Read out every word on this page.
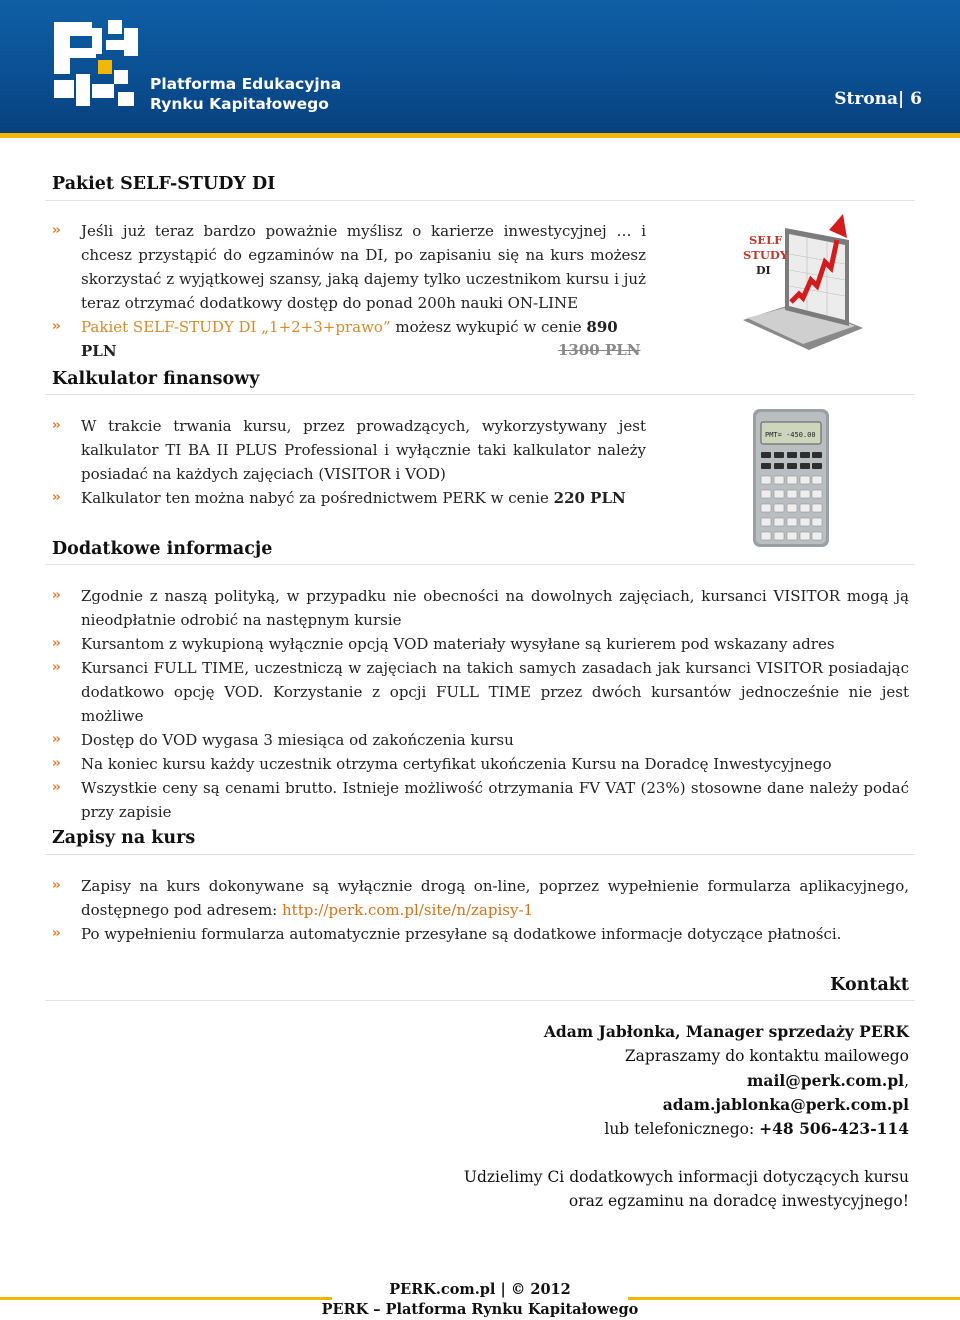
Platforma Edukacyjna
Rynku Kapitałowego	Strona| 6
Pakiet SELF-STUDY DI
›› Jeśli już teraz bardzo poważnie myślisz o karierze inwestycyjnej … i chcesz przystąpić do egzaminów na DI, po zapisaniu się na kurs możesz skorzystać z wyjątkowej szansy, jaką dajemy tylko uczestnikom kursu i już teraz otrzymać dodatkowy dostęp do ponad 200h nauki ON-LINE
›› Pakiet SELF-STUDY DI „1+2+3+prawo” możesz wykupić w cenie 890 PLN	1300 PLN
SELF
STUDY
DI
Kalkulator finansowy
›› W trakcie trwania kursu, przez prowadzących, wykorzystywany jest kalkulator TI BA II PLUS Professional i wyłącznie taki kalkulator należy posiadać na każdych zajęciach (VISITOR i VOD)
›› Kalkulator ten można nabyć za pośrednictwem PERK w cenie 220 PLN
PMT= -450.00
Dodatkowe informacje
›› Zgodnie z naszą polityką, w przypadku nie obecności na dowolnych zajęciach, kursanci VISITOR mogą ją nieodpłatnie odrobić na następnym kursie
›› Kursantom z wykupioną wyłącznie opcją VOD materiały wysyłane są kurierem pod wskazany adres
›› Kursanci FULL TIME, uczestniczą w zajęciach na takich samych zasadach jak kursanci VISITOR posiadając dodatkowo opcję VOD. Korzystanie z opcji FULL TIME przez dwóch kursantów jednocześnie nie jest możliwe
›› Dostęp do VOD wygasa 3 miesiąca od zakończenia kursu
›› Na koniec kursu każdy uczestnik otrzyma certyfikat ukończenia Kursu na Doradcę Inwestycyjnego
›› Wszystkie ceny są cenami brutto. Istnieje możliwość otrzymania FV VAT (23%) stosowne dane należy podać przy zapisie
Zapisy na kurs
›› Zapisy na kurs dokonywane są wyłącznie drogą on-line, poprzez wypełnienie formularza aplikacyjnego, dostępnego pod adresem: http://perk.com.pl/site/n/zapisy-1
›› Po wypełnieniu formularza automatycznie przesyłane są dodatkowe informacje dotyczące płatności.
Kontakt
Adam Jabłonka, Manager sprzedaży PERK
Zapraszamy do kontaktu mailowego
mail@perk.com.pl,
adam.jablonka@perk.com.pl
lub telefonicznego: +48 506-423-114
Udzielimy Ci dodatkowych informacji dotyczących kursu
oraz egzaminu na doradcę inwestycyjnego!
PERK.com.pl | © 2012
PERK – Platforma Rynku Kapitałowego
